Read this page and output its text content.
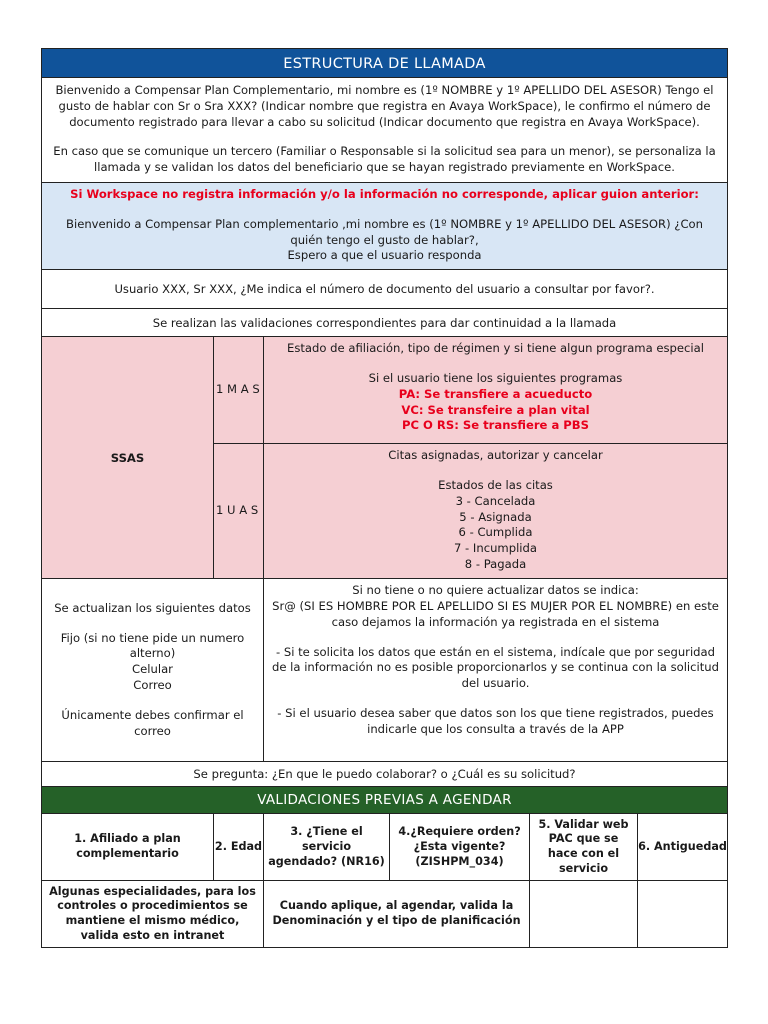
ESTRUCTURA DE LLAMADA
Bienvenido a Compensar Plan Complementario, mi nombre es (1º NOMBRE y 1º APELLIDO DEL ASESOR) Tengo el gusto de hablar con Sr o Sra XXX? (Indicar nombre que registra en Avaya WorkSpace), le confirmo el número de documento registrado para llevar a cabo su solicitud (Indicar documento que registra en Avaya WorkSpace).
En caso que se comunique un tercero (Familiar o Responsable si la solicitud sea para un menor), se personaliza la llamada y se validan los datos del beneficiario que se hayan registrado previamente en WorkSpace.
Si Workspace no registra información y/o la información no corresponde, aplicar guion anterior:
Bienvenido a Compensar Plan complementario ,mi nombre es (1º NOMBRE y 1º APELLIDO DEL ASESOR) ¿Con quién tengo el gusto de hablar?,
Espero a que el usuario responda
Usuario XXX, Sr XXX, ¿Me indica el número de documento del usuario a consultar por favor?.
Se realizan las validaciones correspondientes para dar continuidad a la llamada
SSAS
1 M A S
Estado de afiliación, tipo de régimen y si tiene algun programa especial
Si el usuario tiene los siguientes programas
PA: Se transfiere a acueducto
VC: Se transfeire a plan vital
PC O RS: Se transfiere a PBS
1 U A S
Citas asignadas, autorizar y cancelar
Estados de las citas
3 - Cancelada
5 - Asignada
6 - Cumplida
7 - Incumplida
8 - Pagada
Se actualizan los siguientes datos
Fijo (si no tiene pide un numero alterno)
Celular
Correo
Únicamente debes confirmar el correo
Si no tiene o no quiere actualizar datos se indica:
Sr@ (SI ES HOMBRE POR EL APELLIDO SI ES MUJER POR EL NOMBRE) en este caso dejamos la información ya registrada en el sistema
- Si te solicita los datos que están en el sistema, indícale que por seguridad de la información no es posible proporcionarlos y se continua con la solicitud del usuario.
- Si el usuario desea saber que datos son los que tiene registrados, puedes indicarle que los consulta a través de la APP
Se pregunta: ¿En que le puedo colaborar? o ¿Cuál es su solicitud?
VALIDACIONES PREVIAS A AGENDAR
1. Afiliado a plan complementario
2. Edad
3. ¿Tiene el servicio agendado? (NR16)
4.¿Requiere orden? ¿Esta vigente? (ZISHPM_034)
5. Validar web PAC que se hace con el servicio
6. Antiguedad
Algunas especialidades, para los controles o procedimientos se mantiene el mismo médico, valida esto en intranet
Cuando aplique, al agendar, valida la Denominación y el tipo de planificación
